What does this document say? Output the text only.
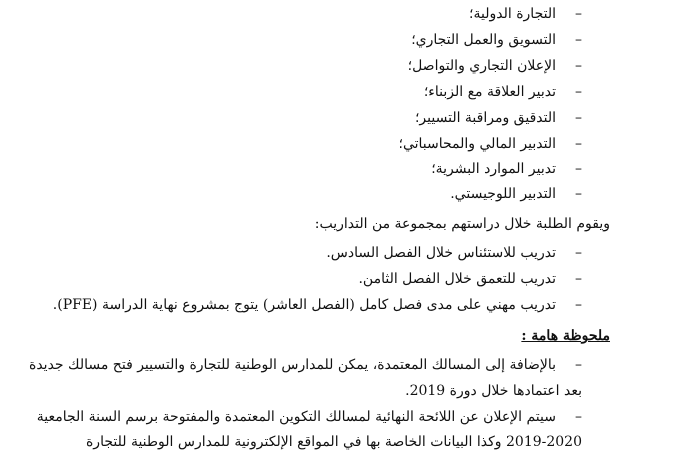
–
التجارة الدولية؛
–
التسويق والعمل التجاري؛
–
الإعلان التجاري والتواصل؛
–
تدبير العلاقة مع الزبناء؛
–
التدقيق ومراقبة التسيير؛
–
التدبير المالي والمحاسباتي؛
–
تدبير الموارد البشرية؛
–
التدبير اللوجيستي.
ويقوم الطلبة خلال دراستهم بمجموعة من التداريب:
–
تدريب للاستئناس خلال الفصل السادس.
–
تدريب للتعمق خلال الفصل الثامن.
–
تدريب مهني على مدى فصل كامل (الفصل العاشر) يتوج بمشروع نهاية الدراسة (PFE).
ملحوظة هامة :
–
بالإضافة إلى المسالك المعتمدة، يمكن للمدارس الوطنية للتجارة والتسيير فتح مسالك جديدة
بعد اعتمادها خلال دورة 2019.
–
سيتم الإعلان عن اللائحة النهائية لمسالك التكوين المعتمدة والمفتوحة برسم السنة الجامعية
2019-2020 وكذا البيانات الخاصة بها في المواقع الإلكترونية للمدارس الوطنية للتجارة
